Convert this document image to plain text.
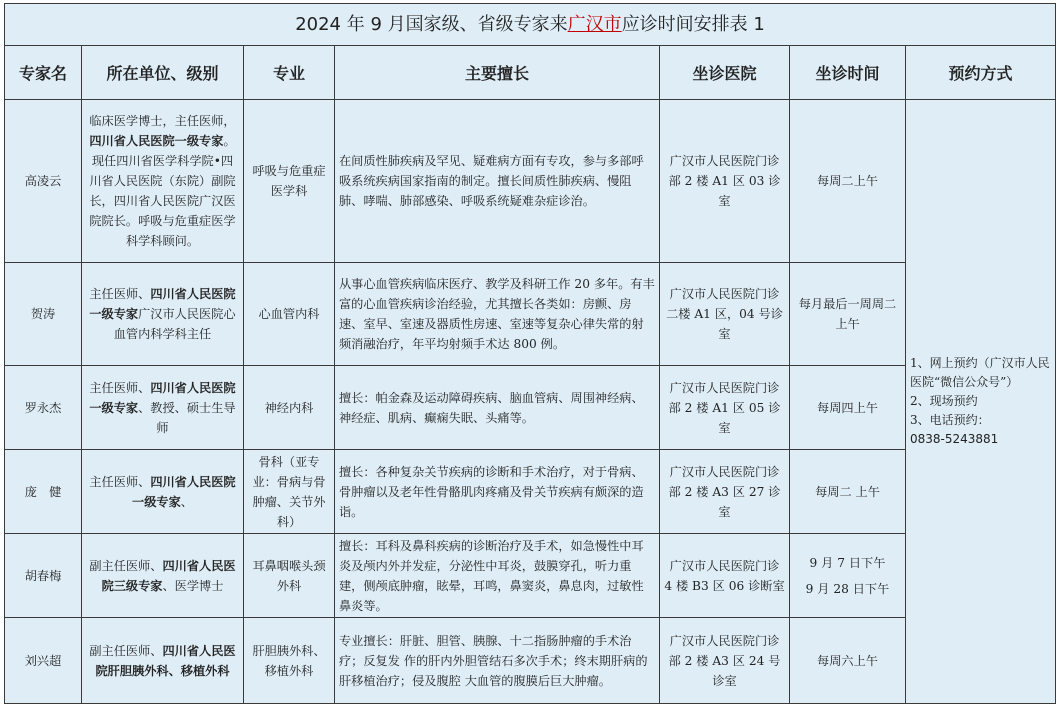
2024 年 9 月国家级、省级专家来广汉市应诊时间安排表 1						
专家名	所在单位、级别	专业	主要擅长	坐诊医院	坐诊时间	预约方式
高凌云	临床医学博士，主任医师，四川省人民医院一级专家。现任四川省医学科学院•四川省人民医院（东院）副院长，四川省人民医院广汉医院院长。呼吸与危重症医学科学科顾问。	呼吸与危重症医学科	在间质性肺疾病及罕见、疑难病方面有专攻，参与多部呼吸系统疾病国家指南的制定。擅长间质性肺疾病、慢阻肺、哮喘、肺部感染、呼吸系统疑难杂症诊治。	广汉市人民医院门诊部 2 楼 A1 区 03 诊室	每周二上午	1、网上预约（广汉市人民医院“微信公众号”）
2、现场预约
3、电话预约：
0838-5243881

贺涛	主任医师、四川省人民医院一级专家广汉市人民医院心血管内科学科主任	心血管内科	从事心血管疾病临床医疗、教学及科研工作 20 多年。有丰富的心血管疾病诊治经验，尤其擅长各类如：房颤、房速、室早、室速及器质性房速、室速等复杂心律失常的射频消融治疗，年平均射频手术达 800 例。	广汉市人民医院门诊二楼 A1 区，04 号诊室	每月最后一周周二上午	
罗永杰	主任医师、四川省人民医院一级专家、教授、硕士生导师	神经内科	擅长：帕金森及运动障碍疾病、脑血管病、周围神经病、神经症、肌病、癫痫失眠、头痛等。	广汉市人民医院门诊部 2 楼 A1 区 05 诊室	每周四上午	
庞　健	主任医师、四川省人民医院一级专家、	骨科（亚专业：骨病与骨肿瘤、关节外科）	擅长：各种复杂关节疾病的诊断和手术治疗，对于骨病、骨肿瘤以及老年性骨骼肌肉疼痛及骨关节疾病有颇深的造诣。	广汉市人民医院门诊部 2 楼 A3 区 27 诊室	每周二 上午	
胡春梅	副主任医师、四川省人民医院三级专家、医学博士	耳鼻咽喉头颈外科	擅长：耳科及鼻科疾病的诊断治疗及手术，如急慢性中耳炎及颅内外并发症，分泌性中耳炎，鼓膜穿孔，听力重建，侧颅底肿瘤，眩晕，耳鸣，鼻窦炎，鼻息肉，过敏性鼻炎等。	广汉市人民医院门诊 4 楼 B3 区 06 诊断室	9 月 7 日下午
9 月 28 日下午	

刘兴超	副主任医师、四川省人民医院肝胆胰外科、移植外科	肝胆胰外科、移植外科	专业擅长：肝脏、胆管、胰腺、十二指肠肿瘤的手术治疗；反复发 作的肝内外胆管结石多次手术；终末期肝病的肝移植治疗；侵及腹腔 大血管的腹膜后巨大肿瘤。	广汉市人民医院门诊部 2 楼 A3 区 24 号诊室	每周六上午	
